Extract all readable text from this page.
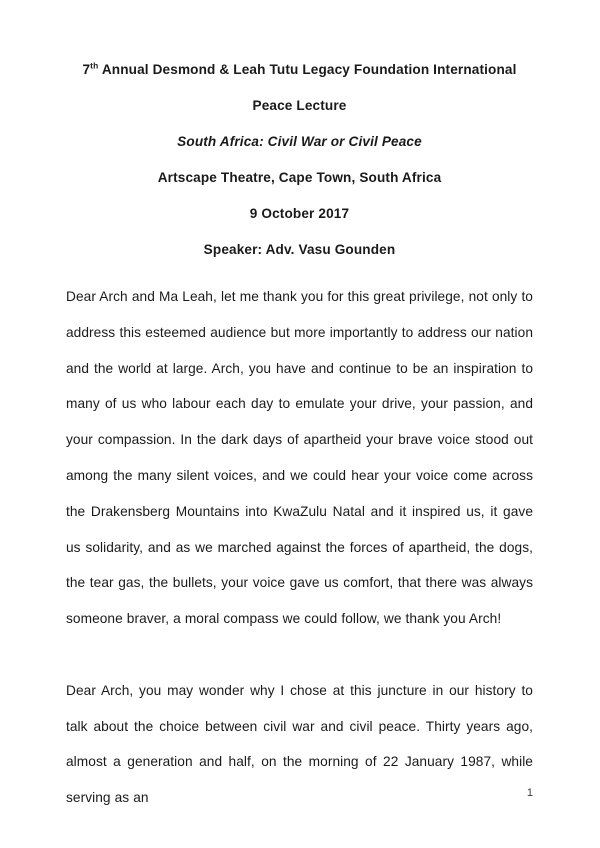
7th Annual Desmond & Leah Tutu Legacy Foundation International

Peace Lecture

South Africa: Civil War or Civil Peace

Artscape Theatre, Cape Town, South Africa

9 October 2017

Speaker: Adv. Vasu Gounden

Dear Arch and Ma Leah, let me thank you for this great privilege, not only to address this esteemed audience but more importantly to address our nation and the world at large. Arch, you have and continue to be an inspiration to many of us who labour each day to emulate your drive, your passion, and your compassion. In the dark days of apartheid your brave voice stood out among the many silent voices, and we could hear your voice come across the Drakensberg Mountains into KwaZulu Natal and it inspired us, it gave us solidarity, and as we marched against the forces of apartheid, the dogs, the tear gas, the bullets, your voice gave us comfort, that there was always someone braver, a moral compass we could follow, we thank you Arch!

Dear Arch, you may wonder why I chose at this juncture in our history to talk about the choice between civil war and civil peace. Thirty years ago, almost a generation and half, on the morning of 22 January 1987, while serving as an	1
